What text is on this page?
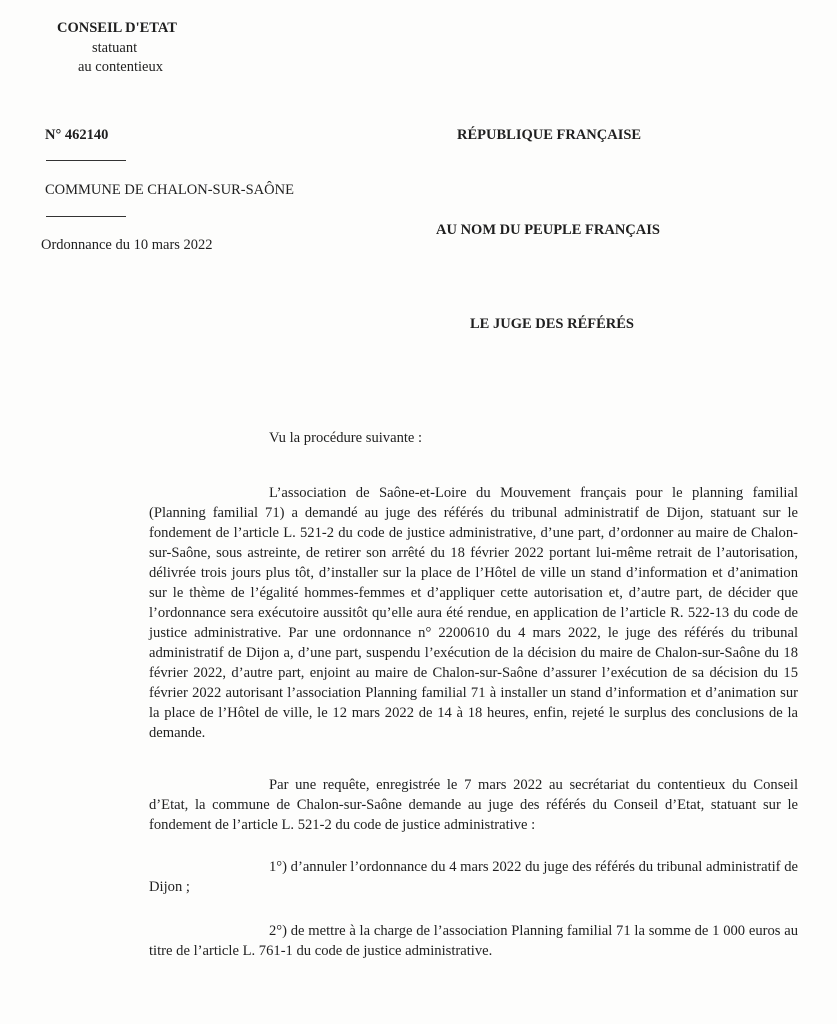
CONSEIL D'ETAT
statuant
au contentieux
N° 462140
COMMUNE DE CHALON-SUR-SAÔNE
Ordonnance du 10 mars 2022
RÉPUBLIQUE FRANÇAISE
AU NOM DU PEUPLE FRANÇAIS
LE JUGE DES RÉFÉRÉS
Vu la procédure suivante :
L’association de Saône-et-Loire du Mouvement français pour le planning familial (Planning familial 71) a demandé au juge des référés du tribunal administratif de Dijon, statuant sur le fondement de l’article L. 521-2 du code de justice administrative, d’une part, d’ordonner au maire de Chalon-sur-Saône, sous astreinte, de retirer son arrêté du 18 février 2022 portant lui-même retrait de l’autorisation, délivrée trois jours plus tôt, d’installer sur la place de l’Hôtel de ville un stand d’information et d’animation sur le thème de l’égalité hommes-femmes et d’appliquer cette autorisation et, d’autre part, de décider que l’ordonnance sera exécutoire aussitôt qu’elle aura été rendue, en application de l’article R. 522-13 du code de justice administrative. Par une ordonnance n° 2200610 du 4 mars 2022, le juge des référés du tribunal administratif de Dijon a, d’une part, suspendu l’exécution de la décision du maire de Chalon-sur-Saône du 18 février 2022, d’autre part, enjoint au maire de Chalon-sur-Saône d’assurer l’exécution de sa décision du 15 février 2022 autorisant l’association Planning familial 71 à installer un stand d’information et d’animation sur la place de l’Hôtel de ville, le 12 mars 2022 de 14 à 18 heures, enfin, rejeté le surplus des conclusions de la demande.
Par une requête, enregistrée le 7 mars 2022 au secrétariat du contentieux du Conseil d’Etat, la commune de Chalon-sur-Saône demande au juge des référés du Conseil d’Etat, statuant sur le fondement de l’article L. 521-2 du code de justice administrative :
1°) d’annuler l’ordonnance du 4 mars 2022 du juge des référés du tribunal administratif de Dijon ;
2°) de mettre à la charge de l’association Planning familial 71 la somme de 1 000 euros au titre de l’article L. 761-1 du code de justice administrative.
